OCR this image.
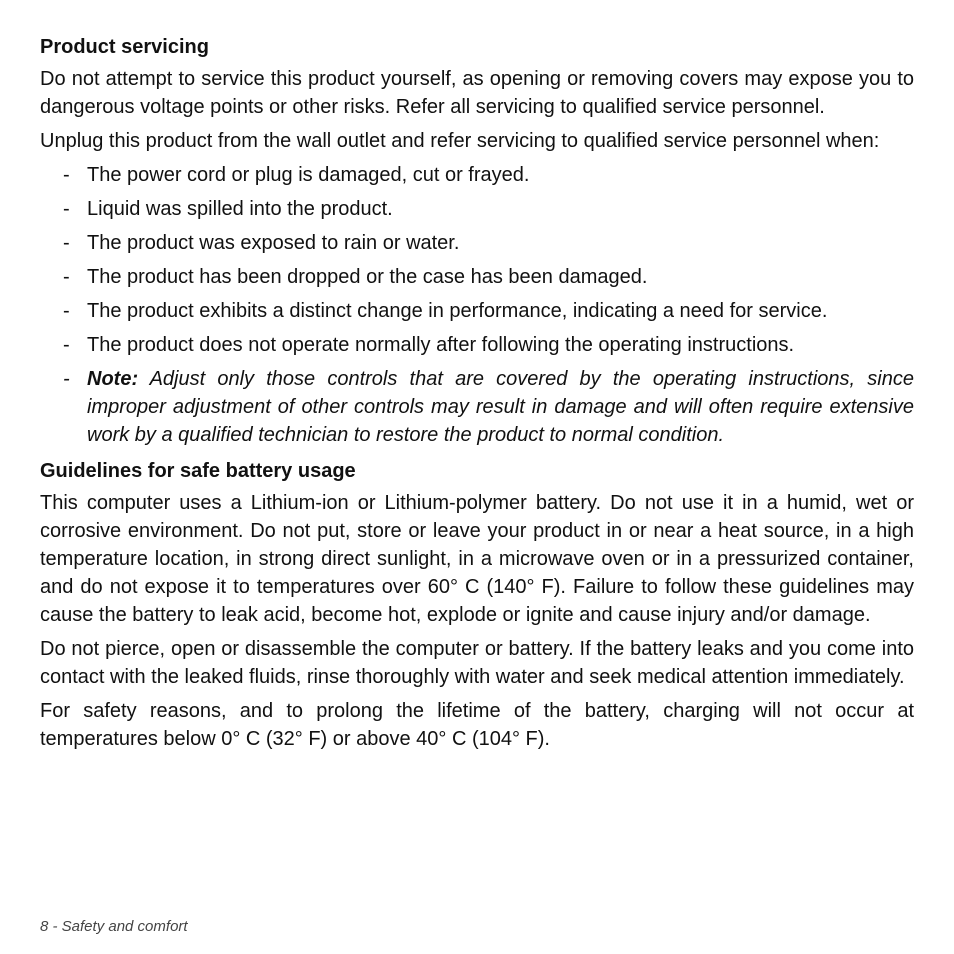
Product servicing

Do not attempt to service this product yourself, as opening or removing covers may expose you to dangerous voltage points or other risks. Refer all servicing to qualified service personnel.

Unplug this product from the wall outlet and refer servicing to qualified service personnel when:

- The power cord or plug is damaged, cut or frayed.
- Liquid was spilled into the product.
- The product was exposed to rain or water.
- The product has been dropped or the case has been damaged.
- The product exhibits a distinct change in performance, indicating a need for service.
- The product does not operate normally after following the operating instructions.
- Note: Adjust only those controls that are covered by the operating instructions, since improper adjustment of other controls may result in damage and will often require extensive work by a qualified technician to restore the product to normal condition.
Guidelines for safe battery usage

This computer uses a Lithium-ion or Lithium-polymer battery. Do not use it in a humid, wet or corrosive environment. Do not put, store or leave your product in or near a heat source, in a high temperature location, in strong direct sunlight, in a microwave oven or in a pressurized container, and do not expose it to temperatures over 60° C (140° F). Failure to follow these guidelines may cause the battery to leak acid, become hot, explode or ignite and cause injury and/or damage.

Do not pierce, open or disassemble the computer or battery. If the battery leaks and you come into contact with the leaked fluids, rinse thoroughly with water and seek medical attention immediately.

For safety reasons, and to prolong the lifetime of the battery, charging will not occur at temperatures below 0° C (32° F) or above 40° C (104° F).

8 - Safety and comfort
